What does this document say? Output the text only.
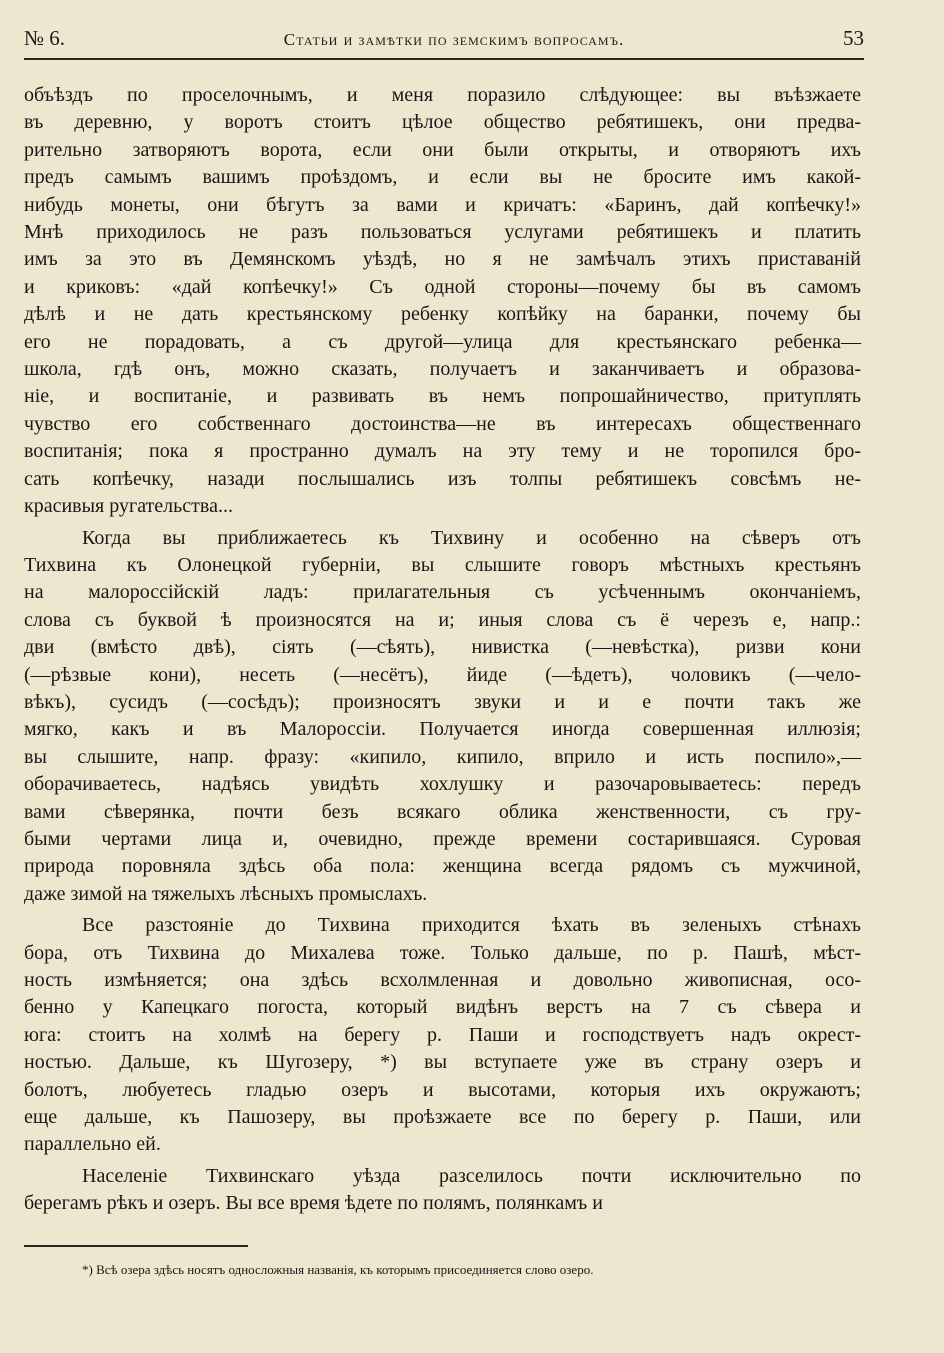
№ 6.	Статьи и замѣтки по земскимъ вопросамъ.	53
объѣздъ по проселочнымъ, и меня поразило слѣдующее: вы въѣзжаете
въ деревню, у воротъ стоитъ цѣлое общество ребятишекъ, они предва-
рительно затворяютъ ворота, если они были открыты, и отворяютъ ихъ
предъ самымъ вашимъ проѣздомъ, и если вы не бросите имъ какой-
нибудь монеты, они бѣгутъ за вами и кричатъ: «Баринъ, дай копѣечку!»
Мнѣ приходилось не разъ пользоваться услугами ребятишекъ и платить
имъ за это въ Демянскомъ уѣздѣ, но я не замѣчалъ этихъ приставаній
и криковъ: «дай копѣечку!» Съ одной стороны—почему бы въ самомъ
дѣлѣ и не дать крестьянскому ребенку копѣйку на баранки, почему бы
его не порадовать, а съ другой—улица для крестьянскаго ребенка—
школа, гдѣ онъ, можно сказать, получаетъ и заканчиваетъ и образова-
ніе, и воспитаніе, и развивать въ немъ попрошайничество, притуплять
чувство его собственнаго достоинства—не въ интересахъ общественнаго
воспитанія; пока я пространно думалъ на эту тему и не торопился бро-
сать копѣечку, назади послышались изъ толпы ребятишекъ совсѣмъ не-
красивыя ругательства...
Когда вы приближаетесь къ Тихвину и особенно на сѣверъ отъ
Тихвина къ Олонецкой губерніи, вы слышите говоръ мѣстныхъ крестьянъ
на малороссійскій ладъ: прилагательныя съ усѣченнымъ окончаніемъ,
слова съ буквой ѣ произносятся на и; иныя слова съ ё черезъ е, напр.:
дви (вмѣсто двѣ), сіять (—сѣять), нивистка (—невѣстка), ризви кони
(—рѣзвые кони), несеть (—несётъ), йиде (—ѣдетъ), чоловикъ (—чело-
вѣкъ), сусидъ (—сосѣдъ); произносятъ звуки и и е почти такъ же
мягко, какъ и въ Малороссіи. Получается иногда совершенная иллюзія;
вы слышите, напр. фразу: «кипило, кипило, вприло и исть поспило»,—
оборачиваетесь, надѣясь увидѣть хохлушку и разочаровываетесь: передъ
вами сѣверянка, почти безъ всякаго облика женственности, съ гру-
быми чертами лица и, очевидно, прежде времени состарившаяся. Суровая
природа поровняла здѣсь оба пола: женщина всегда рядомъ съ мужчиной,
даже зимой на тяжелыхъ лѣсныхъ промыслахъ.
Все разстояніе до Тихвина приходится ѣхать въ зеленыхъ стѣнахъ
бора, отъ Тихвина до Михалева тоже. Только дальше, по р. Пашѣ, мѣст-
ность измѣняется; она здѣсь всхолмленная и довольно живописная, осо-
бенно у Капецкаго погоста, который видѣнъ верстъ на 7 съ сѣвера и
юга: стоитъ на холмѣ на берегу р. Паши и господствуетъ надъ окрест-
ностью. Дальше, къ Шугозеру, *) вы вступаете уже въ страну озеръ и
болотъ, любуетесь гладью озеръ и высотами, которыя ихъ окружаютъ;
еще дальше, къ Пашозеру, вы проѣзжаете все по берегу р. Паши, или
параллельно ей.
Населеніе Тихвинскаго уѣзда разселилось почти исключительно по
берегамъ рѣкъ и озеръ. Вы все время ѣдете по полямъ, полянкамъ и
*) Всѣ озера здѣсь носятъ односложныя названія, къ которымъ присоединяется слово озеро.
